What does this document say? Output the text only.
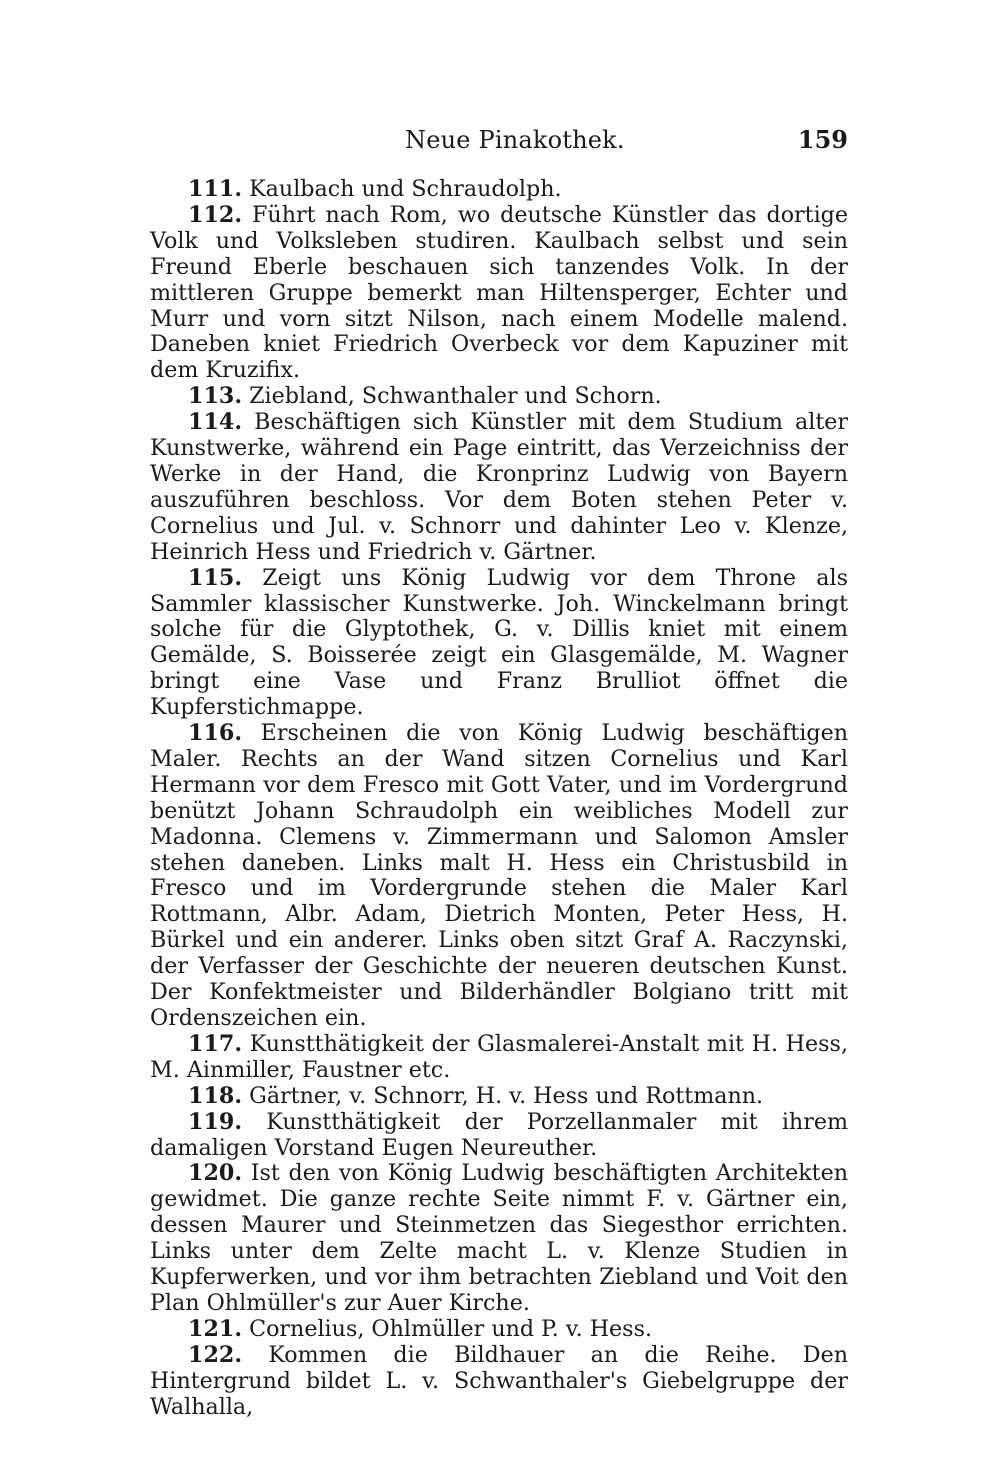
Neue Pinakothek.	159

111. Kaulbach und Schraudolph.

112. Führt nach Rom, wo deutsche Künstler das dortige Volk und Volksleben studiren. Kaulbach selbst und sein Freund Eberle beschauen sich tanzendes Volk. In der mittleren Gruppe bemerkt man Hiltensperger, Echter und Murr und vorn sitzt Nilson, nach einem Modelle malend. Daneben kniet Friedrich Overbeck vor dem Kapuziner mit dem Kruzifix.

113. Ziebland, Schwanthaler und Schorn.

114. Beschäftigen sich Künstler mit dem Studium alter Kunstwerke, während ein Page eintritt, das Verzeichniss der Werke in der Hand, die Kronprinz Ludwig von Bayern auszuführen beschloss. Vor dem Boten stehen Peter v. Cornelius und Jul. v. Schnorr und dahinter Leo v. Klenze, Heinrich Hess und Friedrich v. Gärtner.

115. Zeigt uns König Ludwig vor dem Throne als Sammler klassischer Kunstwerke. Joh. Winckelmann bringt solche für die Glyptothek, G. v. Dillis kniet mit einem Gemälde, S. Boisserée zeigt ein Glasgemälde, M. Wagner bringt eine Vase und Franz Brulliot öffnet die Kupferstichmappe.

116. Erscheinen die von König Ludwig beschäftigen Maler. Rechts an der Wand sitzen Cornelius und Karl Hermann vor dem Fresco mit Gott Vater, und im Vordergrund benützt Johann Schraudolph ein weibliches Modell zur Madonna. Clemens v. Zimmermann und Salomon Amsler stehen daneben. Links malt H. Hess ein Christusbild in Fresco und im Vordergrunde stehen die Maler Karl Rottmann, Albr. Adam, Dietrich Monten, Peter Hess, H. Bürkel und ein anderer. Links oben sitzt Graf A. Raczynski, der Verfasser der Geschichte der neueren deutschen Kunst. Der Konfektmeister und Bilderhändler Bolgiano tritt mit Ordenszeichen ein.

117. Kunstthätigkeit der Glasmalerei-Anstalt mit H. Hess, M. Ainmiller, Faustner etc.

118. Gärtner, v. Schnorr, H. v. Hess und Rottmann.

119. Kunstthätigkeit der Porzellanmaler mit ihrem damaligen Vorstand Eugen Neureuther.

120. Ist den von König Ludwig beschäftigten Architekten gewidmet. Die ganze rechte Seite nimmt F. v. Gärtner ein, dessen Maurer und Steinmetzen das Siegesthor errichten. Links unter dem Zelte macht L. v. Klenze Studien in Kupferwerken, und vor ihm betrachten Ziebland und Voit den Plan Ohlmüller's zur Auer Kirche.

121. Cornelius, Ohlmüller und P. v. Hess.

122. Kommen die Bildhauer an die Reihe. Den Hintergrund bildet L. v. Schwanthaler's Giebelgruppe der Walhalla,
